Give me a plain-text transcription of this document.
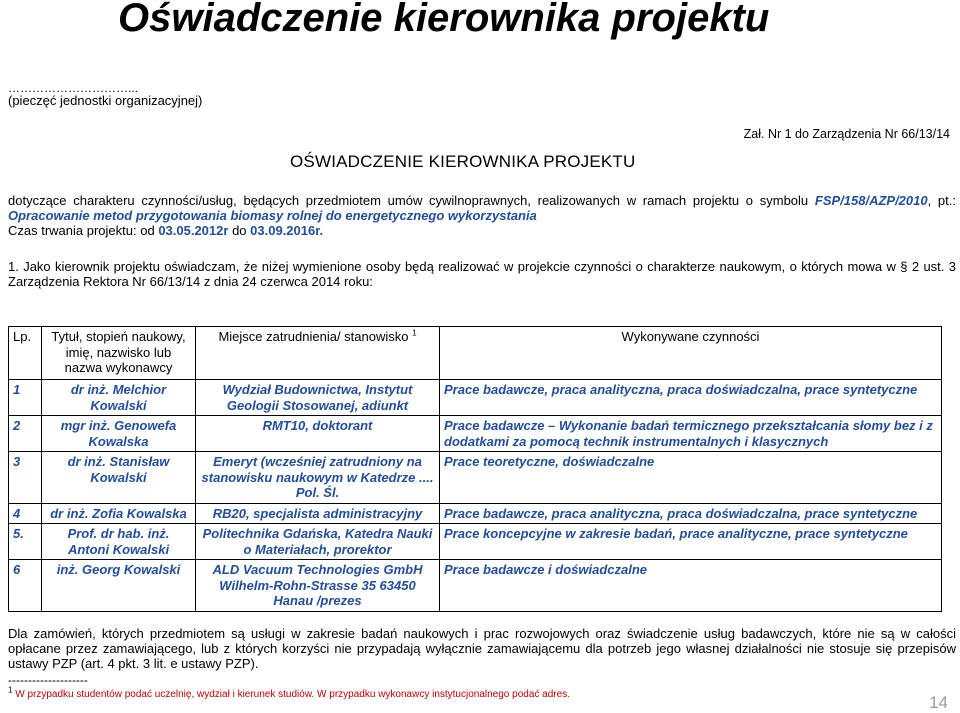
Oświadczenie kierownika projektu
…………………………...
(pieczęć jednostki organizacyjnej)
Zał. Nr 1 do Zarządzenia Nr 66/13/14
OŚWIADCZENIE KIEROWNIKA PROJEKTU
dotyczące charakteru czynności/usług, będących przedmiotem umów cywilnoprawnych, realizowanych w ramach projektu o symbolu FSP/158/AZP/2010, pt.: Opracowanie metod przygotowania biomasy rolnej do energetycznego wykorzystania
Czas trwania projektu: od 03.05.2012r do 03.09.2016r.
1. Jako kierownik projektu oświadczam, że niżej wymienione osoby będą realizować w projekcie czynności o charakterze naukowym, o których mowa w § 2 ust. 3 Zarządzenia Rektora Nr 66/13/14 z dnia 24 czerwca 2014 roku:
Lp.	Tytuł, stopień naukowy, imię, nazwisko lub nazwa wykonawcy	Miejsce zatrudnienia/ stanowisko $^1$	Wykonywane czynności
1	dr inż. Melchior Kowalski	Wydział Budownictwa, Instytut Geologii Stosowanej, adiunkt	Prace badawcze, praca analityczna, praca doświadczalna, prace syntetyczne
2	mgr inż. Genowefa Kowalska	RMT10, doktorant	Prace badawcze – Wykonanie badań termicznego przekształcania słomy bez i z dodatkami za pomocą technik instrumentalnych i klasycznych
3	dr inż. Stanisław Kowalski	Emeryt (wcześniej zatrudniony na stanowisku naukowym w Katedrze .... Pol. Śl.	Prace teoretyczne, doświadczalne
4	dr inż. Zofia Kowalska	RB20, specjalista administracyjny	Prace badawcze, praca analityczna, praca doświadczalna, prace syntetyczne
5.	Prof. dr hab. inż. Antoni Kowalski	Politechnika Gdańska, Katedra Nauki o Materiałach, prorektor	Prace koncepcyjne w zakresie badań, prace analityczne, prace syntetyczne
6	inż. Georg Kowalski	ALD Vacuum Technologies GmbH Wilhelm-Rohn-Strasse 35 63450 Hanau /prezes	Prace badawcze i doświadczalne
Dla zamówień, których przedmiotem są usługi w zakresie badań naukowych i prac rozwojowych oraz świadczenie usług badawczych, które nie są w całości opłacane przez zamawiającego, lub z których korzyści nie przypadają wyłącznie zamawiającemu dla potrzeb jego własnej działalności nie stosuje się przepisów ustawy PZP (art. 4 pkt. 3 lit. e ustawy PZP).
--------------------
$^1$ W przypadku studentów podać uczelnię, wydział i kierunek studiów. W przypadku wykonawcy instytucjonalnego podać adres.	14
